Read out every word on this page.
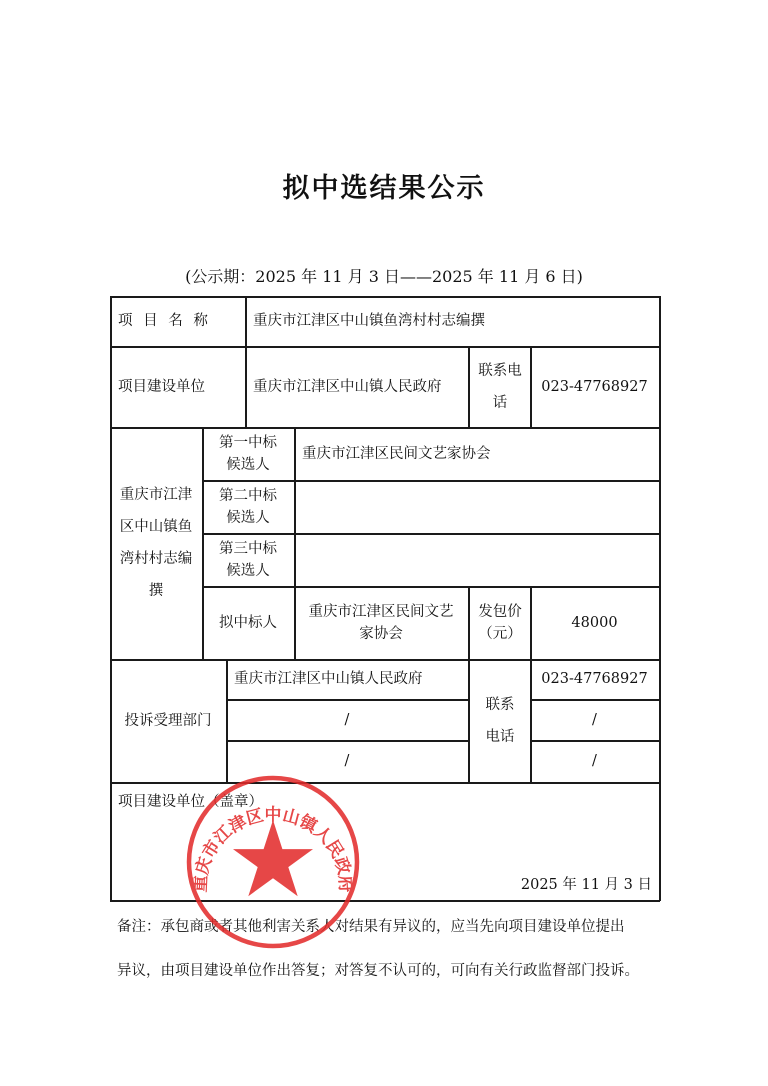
拟中选结果公示
(公示期：2025 年 11 月 3 日——2025 年 11 月 6 日)
项 目 名 称	重庆市江津区中山镇鱼湾村村志编撰
项目建设单位	重庆市江津区中山镇人民政府
联系电话
023-47768927
重庆市江津区中山镇鱼湾村村志编撰
第一中标候选人
重庆市江津区民间文艺家协会
第二中标候选人
第三中标候选人
拟中标人
重庆市江津区民间文艺家协会
发包价（元）
48000
投诉受理部门
重庆市江津区中山镇人民政府
/
/
联系电话
023-47768927
/
/
项目建设单位（盖章）
2025 年 11 月 3 日
备注：承包商或者其他利害关系人对结果有异议的，应当先向项目建设单位提出
异议，由项目建设单位作出答复；对答复不认可的，可向有关行政监督部门投诉。
重庆市江津区中山镇人民政府
